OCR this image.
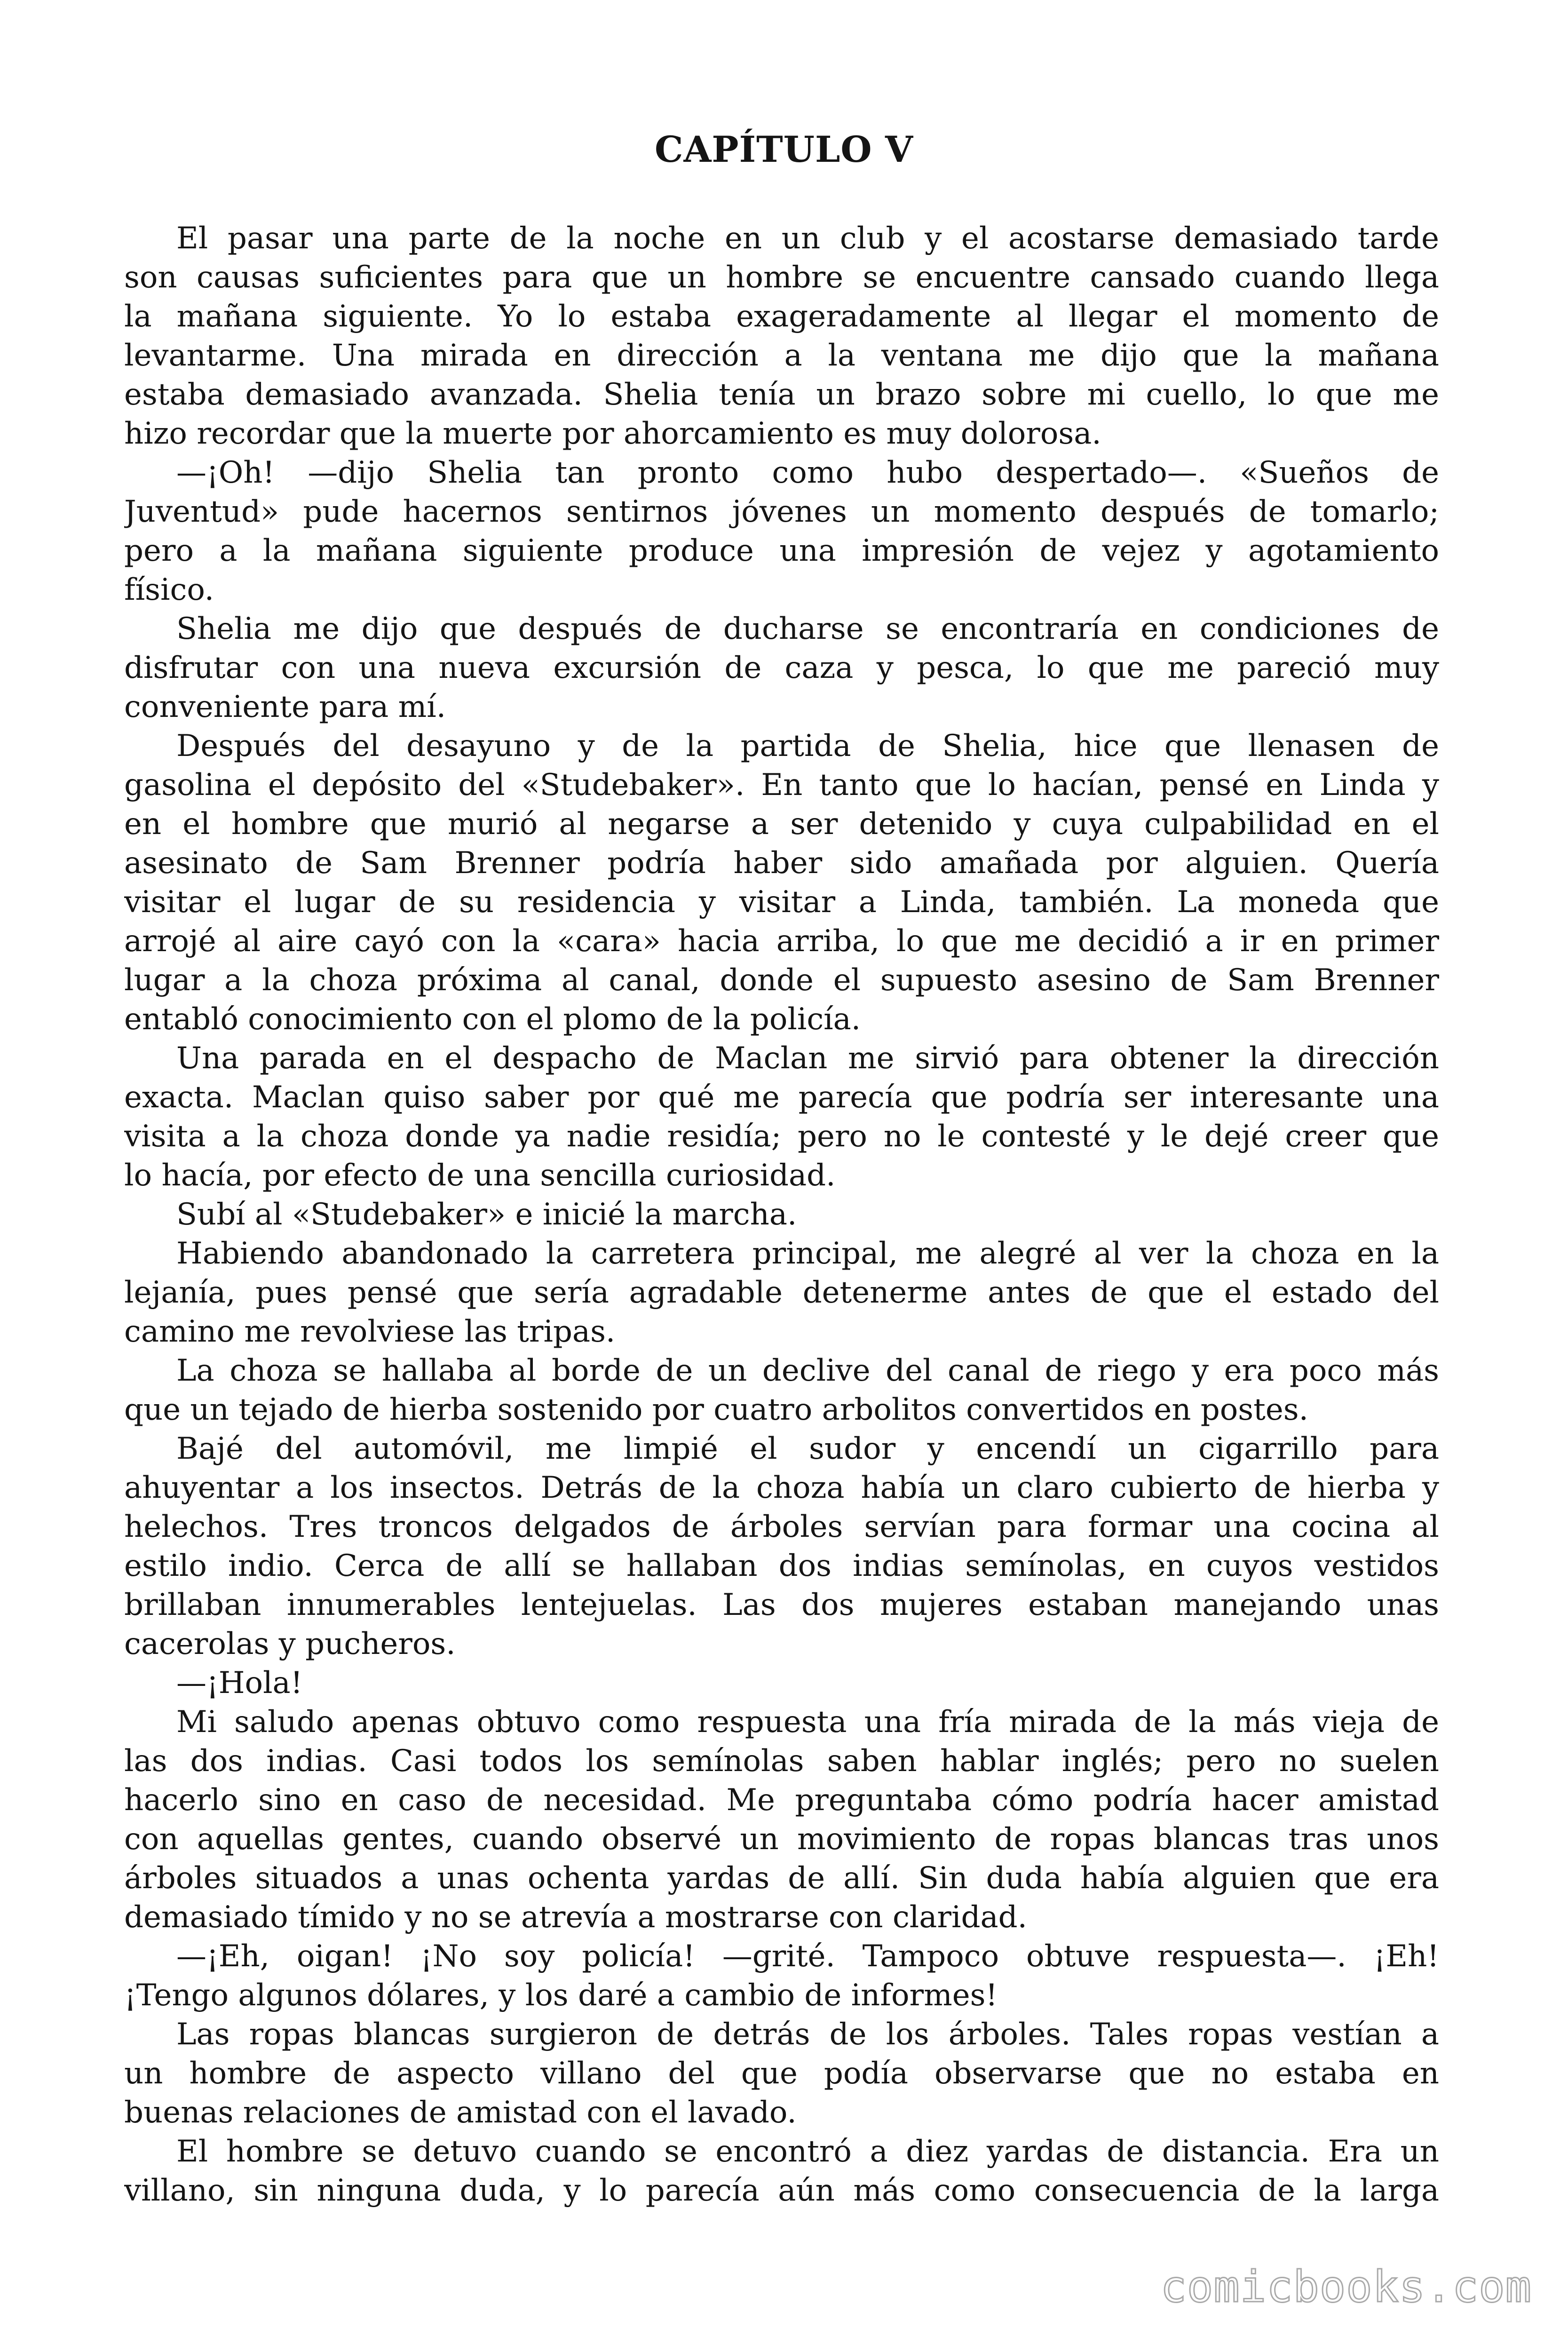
CAPÍTULO V
El pasar una parte de la noche en un club y el acostarse demasiado tarde
son causas suficientes para que un hombre se encuentre cansado cuando llega
la mañana siguiente. Yo lo estaba exageradamente al llegar el momento de
levantarme. Una mirada en dirección a la ventana me dijo que la mañana
estaba demasiado avanzada. Shelia tenía un brazo sobre mi cuello, lo que me
hizo recordar que la muerte por ahorcamiento es muy dolorosa.
—¡Oh! —dijo Shelia tan pronto como hubo despertado—. «Sueños de
Juventud» pude hacernos sentirnos jóvenes un momento después de tomarlo;
pero a la mañana siguiente produce una impresión de vejez y agotamiento
físico.
Shelia me dijo que después de ducharse se encontraría en condiciones de
disfrutar con una nueva excursión de caza y pesca, lo que me pareció muy
conveniente para mí.
Después del desayuno y de la partida de Shelia, hice que llenasen de
gasolina el depósito del «Studebaker». En tanto que lo hacían, pensé en Linda y
en el hombre que murió al negarse a ser detenido y cuya culpabilidad en el
asesinato de Sam Brenner podría haber sido amañada por alguien. Quería
visitar el lugar de su residencia y visitar a Linda, también. La moneda que
arrojé al aire cayó con la «cara» hacia arriba, lo que me decidió a ir en primer
lugar a la choza próxima al canal, donde el supuesto asesino de Sam Brenner
entabló conocimiento con el plomo de la policía.
Una parada en el despacho de Maclan me sirvió para obtener la dirección
exacta. Maclan quiso saber por qué me parecía que podría ser interesante una
visita a la choza donde ya nadie residía; pero no le contesté y le dejé creer que
lo hacía, por efecto de una sencilla curiosidad.
Subí al «Studebaker» e inicié la marcha.
Habiendo abandonado la carretera principal, me alegré al ver la choza en la
lejanía, pues pensé que sería agradable detenerme antes de que el estado del
camino me revolviese las tripas.
La choza se hallaba al borde de un declive del canal de riego y era poco más
que un tejado de hierba sostenido por cuatro arbolitos convertidos en postes.
Bajé del automóvil, me limpié el sudor y encendí un cigarrillo para
ahuyentar a los insectos. Detrás de la choza había un claro cubierto de hierba y
helechos. Tres troncos delgados de árboles servían para formar una cocina al
estilo indio. Cerca de allí se hallaban dos indias semínolas, en cuyos vestidos
brillaban innumerables lentejuelas. Las dos mujeres estaban manejando unas
cacerolas y pucheros.
—¡Hola!
Mi saludo apenas obtuvo como respuesta una fría mirada de la más vieja de
las dos indias. Casi todos los semínolas saben hablar inglés; pero no suelen
hacerlo sino en caso de necesidad. Me preguntaba cómo podría hacer amistad
con aquellas gentes, cuando observé un movimiento de ropas blancas tras unos
árboles situados a unas ochenta yardas de allí. Sin duda había alguien que era
demasiado tímido y no se atrevía a mostrarse con claridad.
—¡Eh, oigan! ¡No soy policía! —grité. Tampoco obtuve respuesta—. ¡Eh!
¡Tengo algunos dólares, y los daré a cambio de informes!
Las ropas blancas surgieron de detrás de los árboles. Tales ropas vestían a
un hombre de aspecto villano del que podía observarse que no estaba en
buenas relaciones de amistad con el lavado.
El hombre se detuvo cuando se encontró a diez yardas de distancia. Era un
villano, sin ninguna duda, y lo parecía aún más como consecuencia de la larga
comicbooks.com
